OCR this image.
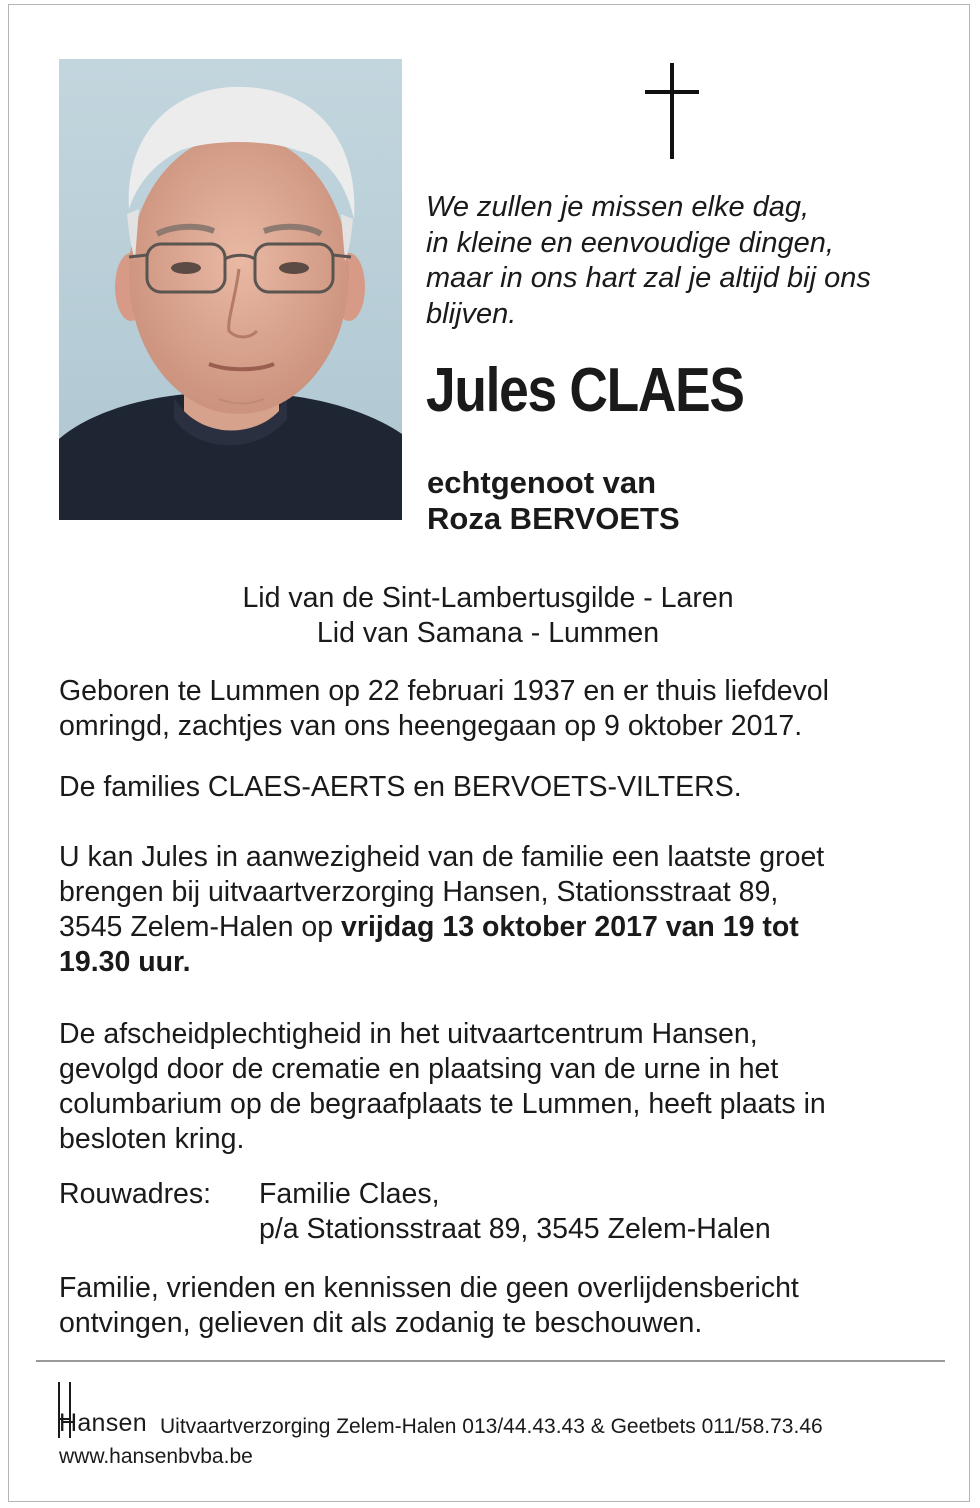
We zullen je missen elke dag,
in kleine en eenvoudige dingen,
maar in ons hart zal je altijd bij ons
blijven.
Jules CLAES
echtgenoot van
Roza BERVOETS
Lid van de Sint-Lambertusgilde - Laren
Lid van Samana - Lummen
Geboren te Lummen op 22 februari 1937 en er thuis liefdevol
omringd, zachtjes van ons heengegaan op 9 oktober 2017.
De families CLAES-AERTS en BERVOETS-VILTERS.
U kan Jules in aanwezigheid van de familie een laatste groet
brengen bij uitvaartverzorging Hansen, Stationsstraat 89,
3545 Zelem-Halen op vrijdag 13 oktober 2017 van 19 tot
19.30 uur.
De afscheidplechtigheid in het uitvaartcentrum Hansen,
gevolgd door de crematie en plaatsing van de urne in het
columbarium op de begraafplaats te Lummen, heeft plaats in
besloten kring.
Rouwadres: Familie Claes,
p/a Stationsstraat 89, 3545 Zelem-Halen
Familie, vrienden en kennissen die geen overlijdensbericht
ontvingen, gelieven dit als zodanig te beschouwen.
Hansen Uitvaartverzorging Zelem-Halen 013/44.43.43 & Geetbets 011/58.73.46
www.hansenbvba.be
